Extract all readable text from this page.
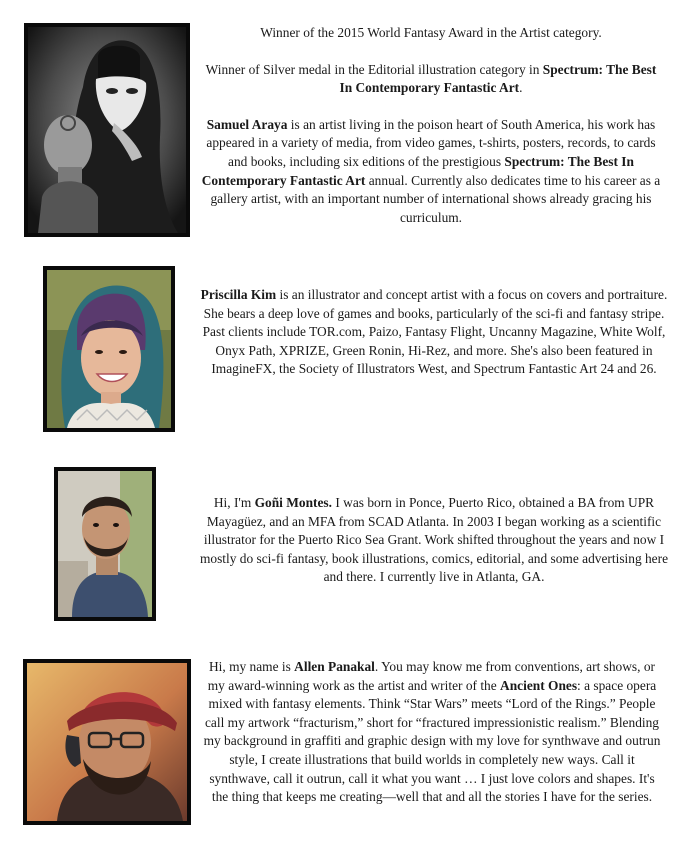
Winner of the 2015 World Fantasy Award in the Artist category.

Winner of Silver medal in the Editorial illustration category in Spectrum: The Best In Contemporary Fantastic Art.

Samuel Araya is an artist living in the poison heart of South America, his work has appeared in a variety of media, from video games, t-shirts, posters, records, to cards and books, including six editions of the prestigious Spectrum: The Best In Contemporary Fantastic Art annual. Currently also dedicates time to his career as a gallery artist, with an important number of international shows already gracing his curriculum.

Priscilla Kim is an illustrator and concept artist with a focus on covers and portraiture. She bears a deep love of games and books, particularly of the sci-fi and fantasy stripe. Past clients include TOR.com, Paizo, Fantasy Flight, Uncanny Magazine, White Wolf, Onyx Path, XPRIZE, Green Ronin, Hi-Rez, and more. She's also been featured in ImagineFX, the Society of Illustrators West, and Spectrum Fantastic Art 24 and 26.

Hi, I'm Goñi Montes. I was born in Ponce, Puerto Rico, obtained a BA from UPR Mayagüez, and an MFA from SCAD Atlanta. In 2003 I began working as a scientific illustrator for the Puerto Rico Sea Grant. Work shifted throughout the years and now I mostly do sci-fi fantasy, book illustrations, comics, editorial, and some advertising here and there. I currently live in Atlanta, GA.

Hi, my name is Allen Panakal. You may know me from conventions, art shows, or my award-winning work as the artist and writer of the Ancient Ones: a space opera mixed with fantasy elements. Think “Star Wars” meets “Lord of the Rings.” People call my artwork “fracturism,” short for “fractured impressionistic realism.” Blending my background in graffiti and graphic design with my love for synthwave and outrun style, I create illustrations that build worlds in completely new ways. Call it synthwave, call it outrun, call it what you want … I just love colors and shapes. It's the thing that keeps me creating—well that and all the stories I have for the series.
